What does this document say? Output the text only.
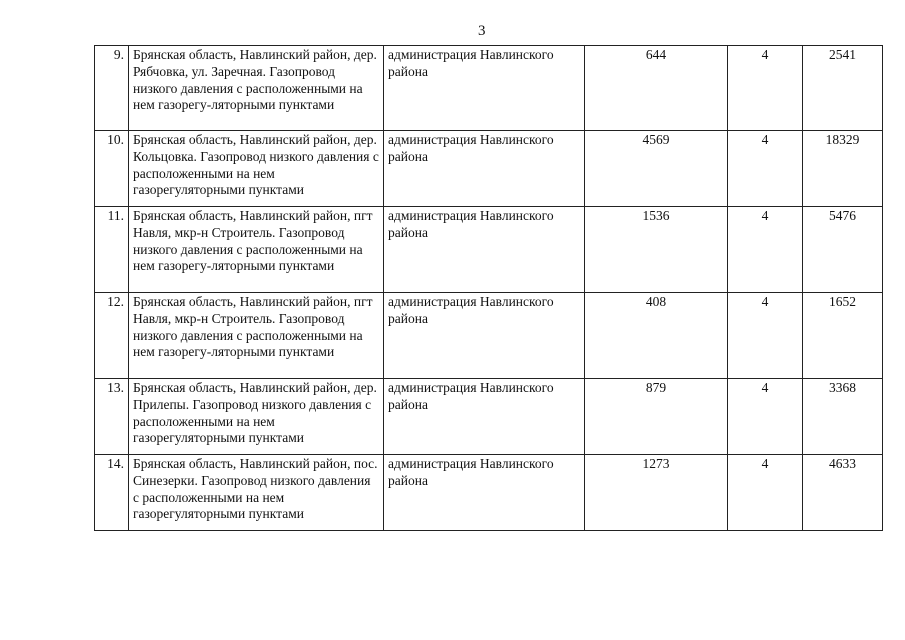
3
9.	Брянская область, Навлинский район, дер. Рябчовка, ул. Заречная. Газопровод низкого давления с расположенными на нем газорегу-ляторными пунктами	администрация Навлинского района	644	4	2541
10.	Брянская область, Навлинский район, дер. Кольцовка. Газопровод низкого давления с расположенными на нем газорегуляторными пунктами	администрация Навлинского района	4569	4	18329
11.	Брянская область, Навлинский район, пгт Навля, мкр-н Строитель. Газопровод низкого давления с расположенными на нем газорегу-ляторными пунктами	администрация Навлинского района	1536	4	5476
12.	Брянская область, Навлинский район, пгт Навля, мкр-н Строитель. Газопровод низкого давления с расположенными на нем газорегу-ляторными пунктами	администрация Навлинского района	408	4	1652
13.	Брянская область, Навлинский район, дер. Прилепы. Газопровод низкого давления с расположенными на нем газорегуляторными пунктами	администрация Навлинского района	879	4	3368
14.	Брянская область, Навлинский район, пос. Синезерки. Газопровод низкого давления с расположенными на нем газорегуляторными пунктами	администрация Навлинского района	1273	4	4633
